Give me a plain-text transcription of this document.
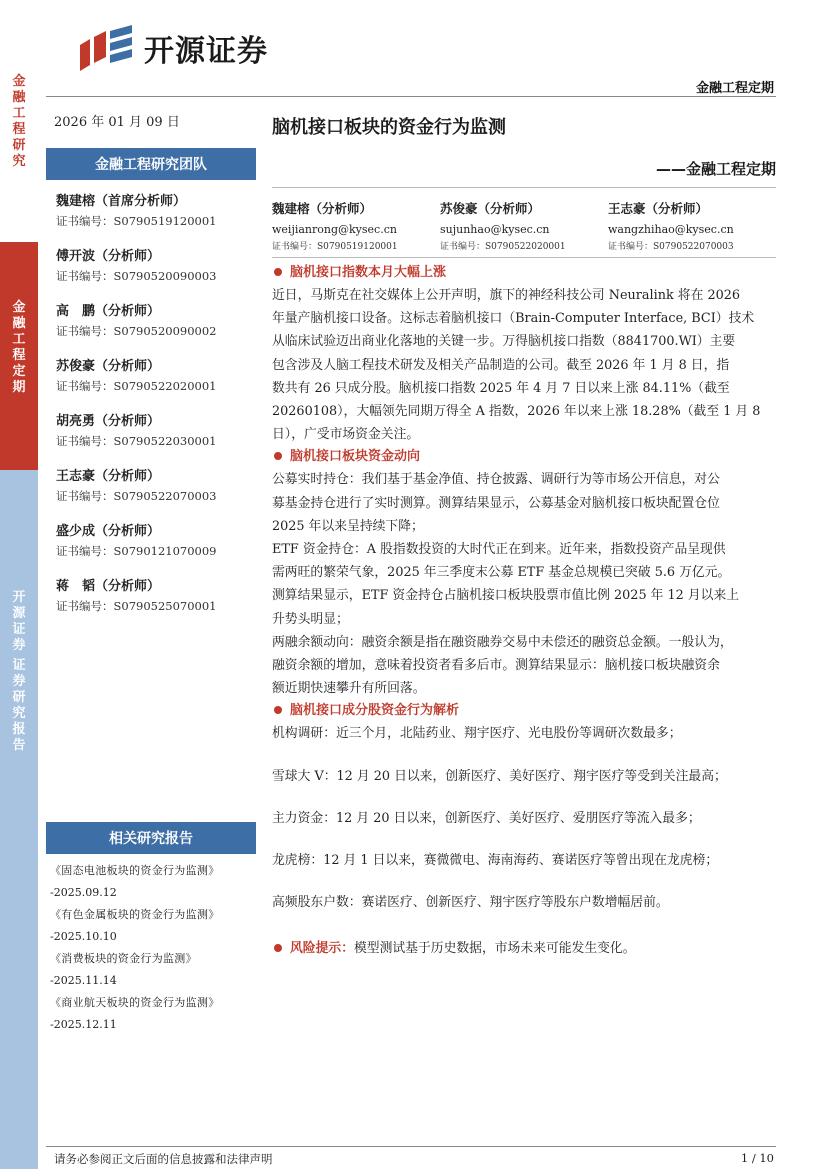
金
融
工
程
研
究
金
融
工
程
定
期
开
源
证
券
证
券
研
究
报
告
开源证券
金融工程定期
2026 年 01 月 09 日
金融工程研究团队
魏建榕（首席分析师）
证书编号：S0790519120001
傅开波（分析师）
证书编号：S0790520090003
高　鹏（分析师）
证书编号：S0790520090002
苏俊豪（分析师）
证书编号：S0790522020001
胡亮勇（分析师）
证书编号：S0790522030001
王志豪（分析师）
证书编号：S0790522070003
盛少成（分析师）
证书编号：S0790121070009
蒋　韬（分析师）
证书编号：S0790525070001
相关研究报告
《固态电池板块的资金行为监测》
-2025.09.12
《有色金属板块的资金行为监测》
-2025.10.10
《消费板块的资金行为监测》
-2025.11.14
《商业航天板块的资金行为监测》
-2025.12.11
脑机接口板块的资金行为监测
——金融工程定期
魏建榕（分析师）
weijianrong@kysec.cn
证书编号：S0790519120001
苏俊豪（分析师）
sujunhao@kysec.cn
证书编号：S0790522020001
王志豪（分析师）
wangzhihao@kysec.cn
证书编号：S0790522070003
脑机接口指数本月大幅上涨
近日，马斯克在社交媒体上公开声明，旗下的神经科技公司 Neuralink 将在 2026
年量产脑机接口设备。这标志着脑机接口（Brain-Computer Interface, BCI）技术
从临床试验迈出商业化落地的关键一步。万得脑机接口指数（8841700.WI）主要
包含涉及人脑工程技术研发及相关产品制造的公司。截至 2026 年 1 月 8 日，指
数共有 26 只成分股。脑机接口指数 2025 年 4 月 7 日以来上涨 84.11%（截至
20260108），大幅领先同期万得全 A 指数，2026 年以来上涨 18.28%（截至 1 月 8
日），广受市场资金关注。
脑机接口板块资金动向
公募实时持仓：我们基于基金净值、持仓披露、调研行为等市场公开信息，对公
募基金持仓进行了实时测算。测算结果显示，公募基金对脑机接口板块配置仓位
2025 年以来呈持续下降；
ETF 资金持仓：A 股指数投资的大时代正在到来。近年来，指数投资产品呈现供
需两旺的繁荣气象，2025 年三季度末公募 ETF 基金总规模已突破 5.6 万亿元。
测算结果显示，ETF 资金持仓占脑机接口板块股票市值比例 2025 年 12 月以来上
升势头明显；
两融余额动向：融资余额是指在融资融券交易中未偿还的融资总金额。一般认为，
融资余额的增加，意味着投资者看多后市。测算结果显示：脑机接口板块融资余
额近期快速攀升有所回落。
脑机接口成分股资金行为解析
机构调研：近三个月，北陆药业、翔宇医疗、光电股份等调研次数最多；
雪球大 V：12 月 20 日以来，创新医疗、美好医疗、翔宇医疗等受到关注最高；
主力资金：12 月 20 日以来，创新医疗、美好医疗、爱朋医疗等流入最多；
龙虎榜：12 月 1 日以来，赛微微电、海南海药、赛诺医疗等曾出现在龙虎榜；
高频股东户数：赛诺医疗、创新医疗、翔宇医疗等股东户数增幅居前。
风险提示：模型测试基于历史数据，市场未来可能发生变化。
请务必参阅正文后面的信息披露和法律声明	1 / 10
